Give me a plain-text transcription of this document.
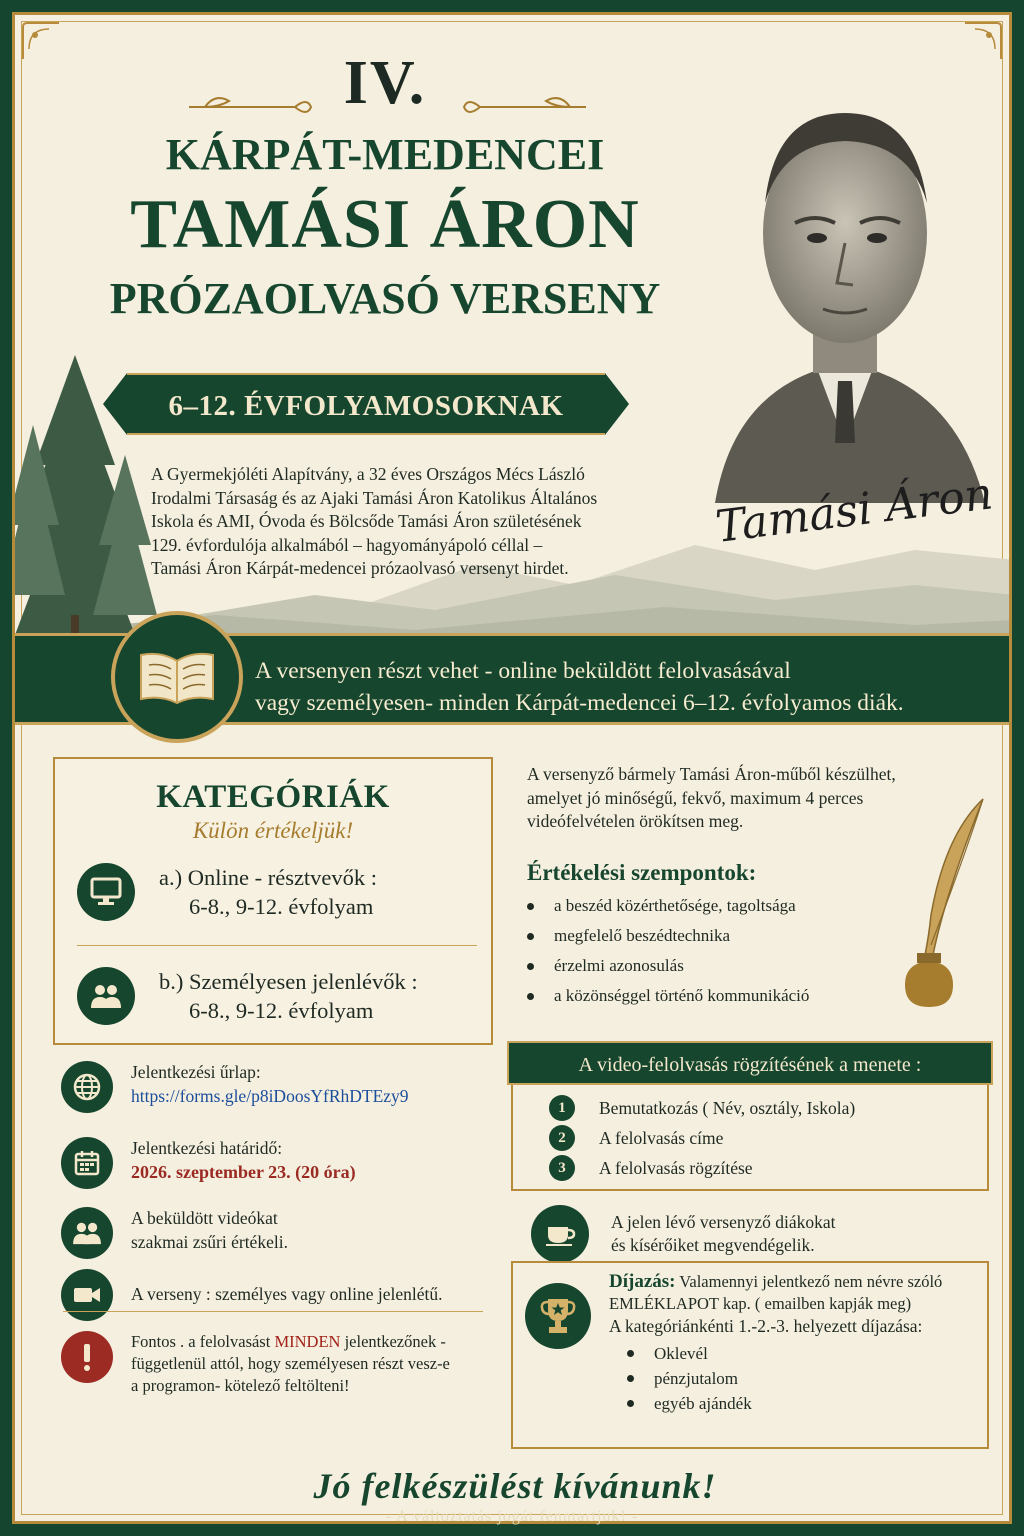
IV.
KÁRPÁT-MEDENCEI
TAMÁSI ÁRON
PRÓZAOLVASÓ VERSENY
6–12. ÉVFOLYAMOSOKNAK
Tamási Áron
A Gyermekjóléti Alapítvány, a 32 éves Országos Mécs László
Irodalmi Társaság és az Ajaki Tamási Áron Katolikus Általános
Iskola és AMI, Óvoda és Bölcsőde Tamási Áron születésének
129. évfordulója alkalmából – hagyományápoló céllal –
Tamási Áron Kárpát-medencei prózaolvasó versenyt hirdet.
A versenyen részt vehet - online beküldött felolvasásával
vagy személyesen- minden Kárpát-medencei 6–12. évfolyamos diák.
KATEGÓRIÁK
Külön értékeljük!
a.) Online - résztvevők :
6-8., 9-12. évfolyam
b.) Személyesen jelenlévők :
6-8., 9-12. évfolyam
A versenyző bármely Tamási Áron-műből készülhet,
amelyet jó minőségű, fekvő, maximum 4 perces
videófelvételen örökítsen meg.
Értékelési szempontok:
a beszéd közérthetősége, tagoltsága
megfelelő beszédtechnika
érzelmi azonosulás
a közönséggel történő kommunikáció
Jelentkezési űrlap:
https://forms.gle/p8iDoosYfRhDTEzy9
Jelentkezési határidő:
2026. szeptember 23. (20 óra)
A beküldött videókat
szakmai zsűri értékeli.
A verseny : személyes vagy online jelenlétű.
Fontos . a felolvasást MINDEN jelentkezőnek -
függetlenül attól, hogy személyesen részt vesz-e
a programon- kötelező feltölteni!
A video-felolvasás rögzítésének a menete :
1	Bemutatkozás ( Név, osztály, Iskola)
2	A felolvasás címe
3	A felolvasás rögzítése
A jelen lévő versenyző diákokat
és kísérőiket megvendégelik.
Díjazás: Valamennyi jelentkező nem névre szóló
EMLÉKLAPOT kap. ( emailben kapják meg)
A kategóriánkénti 1.-2.-3. helyezett díjazása:
Oklevél
pénzjutalom
egyéb ajándék
Jó felkészülést kívánunk!
- A változtatás jogát fenntartjuk! -
